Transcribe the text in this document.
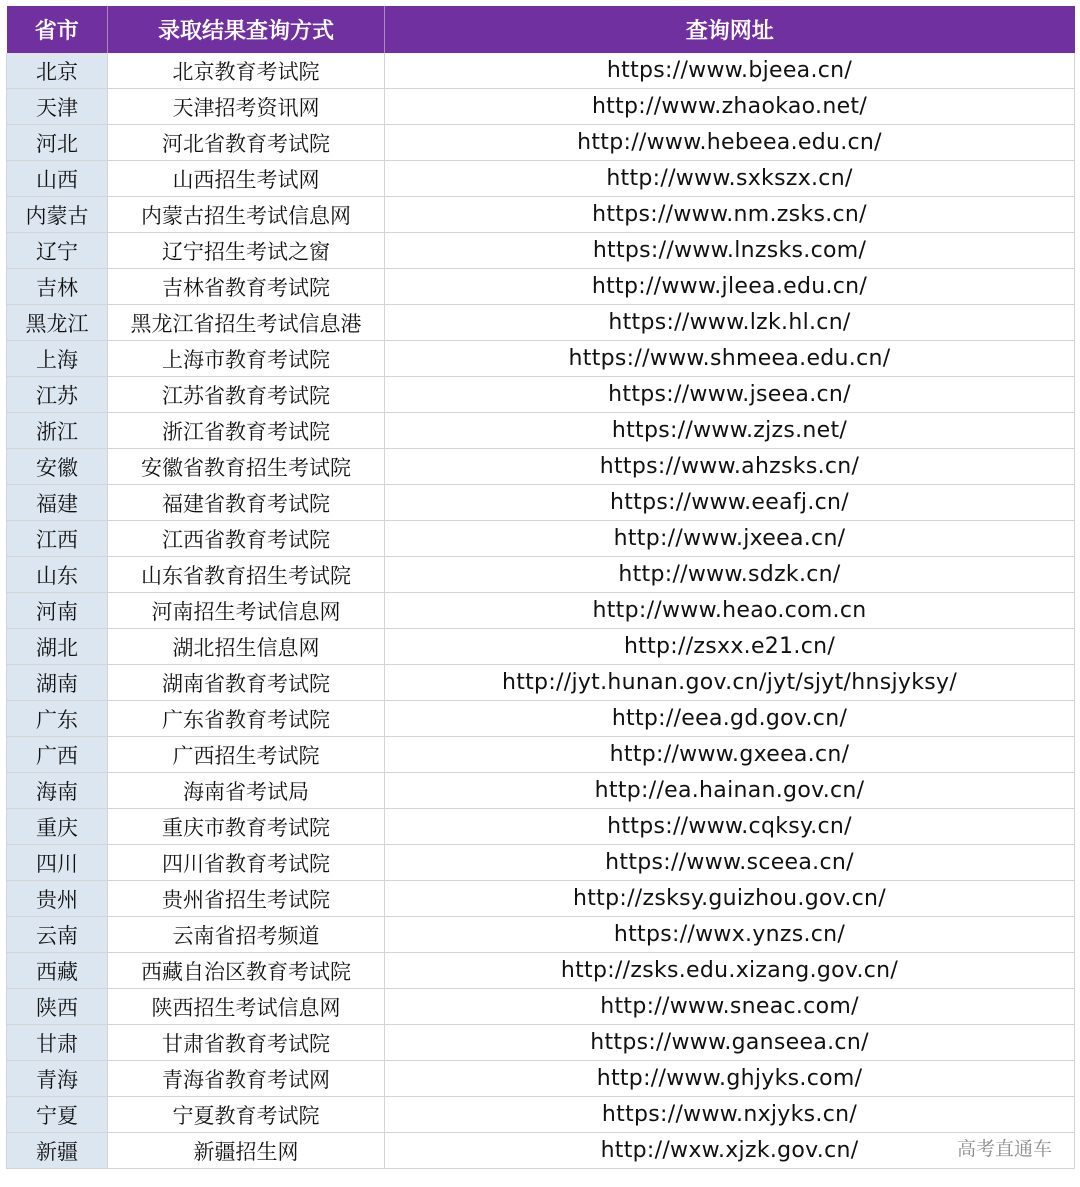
省市	录取结果查询方式	查询网址
北京	北京教育考试院	https://www.bjeea.cn/
天津	天津招考资讯网	http://www.zhaokao.net/
河北	河北省教育考试院	http://www.hebeea.edu.cn/
山西	山西招生考试网	http://www.sxkszx.cn/
内蒙古	内蒙古招生考试信息网	https://www.nm.zsks.cn/
辽宁	辽宁招生考试之窗	https://www.lnzsks.com/
吉林	吉林省教育考试院	http://www.jleea.edu.cn/
黑龙江	黑龙江省招生考试信息港	https://www.lzk.hl.cn/
上海	上海市教育考试院	https://www.shmeea.edu.cn/
江苏	江苏省教育考试院	https://www.jseea.cn/
浙江	浙江省教育考试院	https://www.zjzs.net/
安徽	安徽省教育招生考试院	https://www.ahzsks.cn/
福建	福建省教育考试院	https://www.eeafj.cn/
江西	江西省教育考试院	http://www.jxeea.cn/
山东	山东省教育招生考试院	http://www.sdzk.cn/
河南	河南招生考试信息网	http://www.heao.com.cn
湖北	湖北招生信息网	http://zsxx.e21.cn/
湖南	湖南省教育考试院	http://jyt.hunan.gov.cn/jyt/sjyt/hnsjyksy/
广东	广东省教育考试院	http://eea.gd.gov.cn/
广西	广西招生考试院	http://www.gxeea.cn/
海南	海南省考试局	http://ea.hainan.gov.cn/
重庆	重庆市教育考试院	https://www.cqksy.cn/
四川	四川省教育考试院	https://www.sceea.cn/
贵州	贵州省招生考试院	http://zsksy.guizhou.gov.cn/
云南	云南省招考频道	https://wwx.ynzs.cn/
西藏	西藏自治区教育考试院	http://zsks.edu.xizang.gov.cn/
陕西	陕西招生考试信息网	http://www.sneac.com/
甘肃	甘肃省教育考试院	https://www.ganseea.cn/
青海	青海省教育考试网	http://www.ghjyks.com/
宁夏	宁夏教育考试院	https://www.nxjyks.cn/
新疆	新疆招生网	http://wxw.xjzk.gov.cn/	高考直通车
